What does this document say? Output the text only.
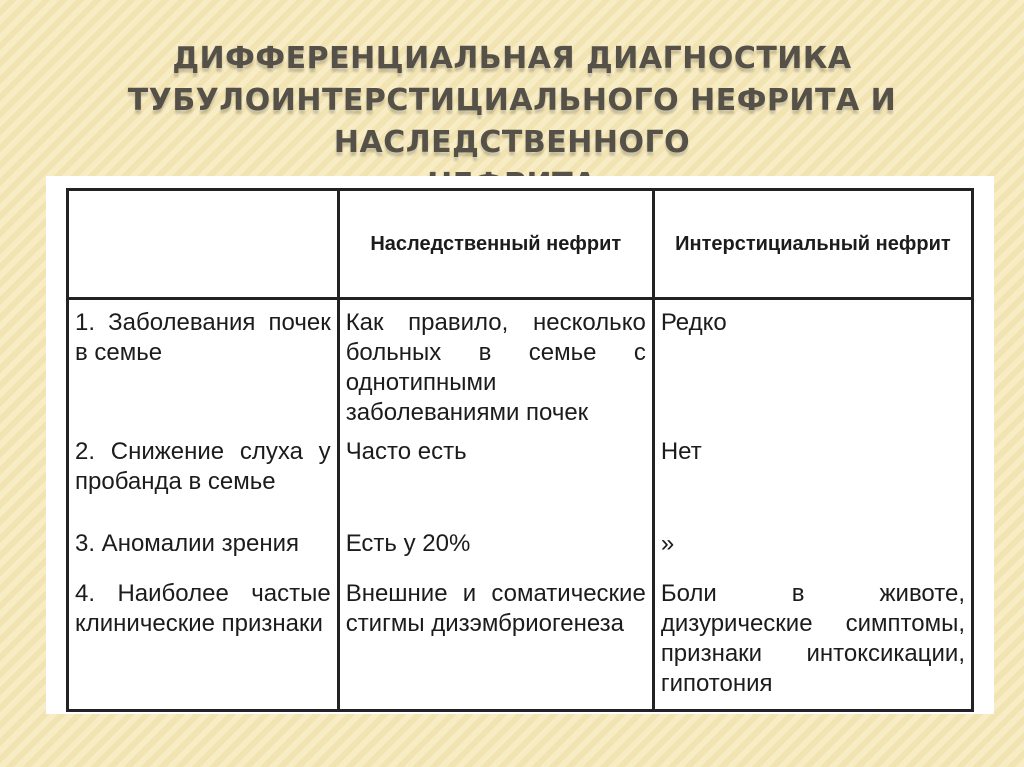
ДИФФЕРЕНЦИАЛЬНАЯ ДИАГНОСТИКА
ТУБУЛОИНТЕРСТИЦИАЛЬНОГО НЕФРИТА И НАСЛЕДСТВЕННОГО
	Наследственный нефрит	Интерстициальный нефрит
1. Заболевания почек в семье	Как правило, несколько больных в семье с однотипными заболеваниями почек	Редко
2. Снижение слуха у пробанда в семье	Часто есть	Нет
3. Аномалии зрения	Есть у 20%	»
4. Наиболее частые клинические признаки	Внешние и соматические стигмы дизэмбриогенеза	Боли в животе, дизурические симптомы, признаки интоксикации, гипотония
